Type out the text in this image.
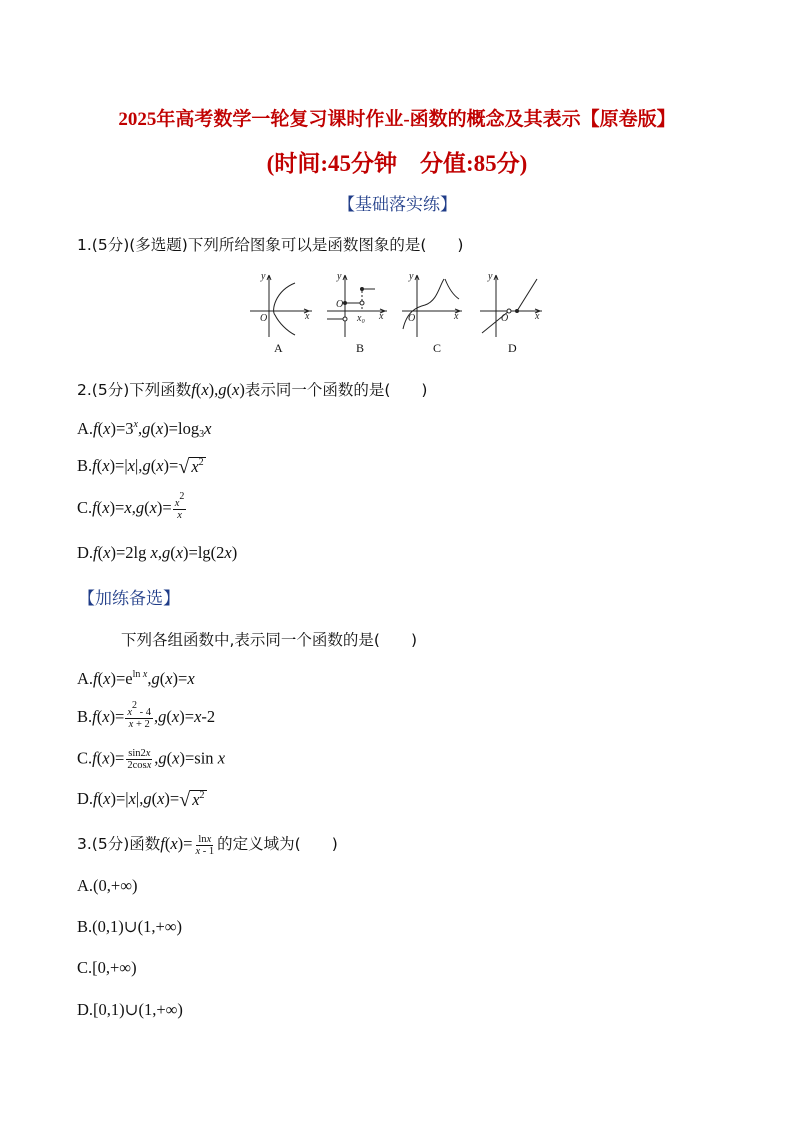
2025年高考数学一轮复习课时作业-函数的概念及其表示【原卷版】
(时间:45分钟　分值:85分)
【基础落实练】
1.(5分)(多选题)下列所给图象可以是函数图象的是(　　)
y
x
O
y
x
O
x₀
y
x
O
y
x
O
A	B	C	D
2.(5分)下列函数f(x),g(x)表示同一个函数的是(　　)
$A.f(x)=3^x,g(x)=\log_3x$
B.f(x)=|x|,g(x)= √ $x^2$
$C.f(x)=x,g(x)= \frac{x^2}{x}$
D.f(x)=2lg x,g(x)=lg(2x)
【加练备选】
下列各组函数中,表示同一个函数的是(　　)
$A.f(x)=e^{ln x},g(x)=x$
$B.f(x)= \frac{x^2 - 4}{x + 2} ,g(x)=x-2$
$C.f(x)= \frac{\sin 2x}{2\cos x} ,g(x)=\sin$ x
D.f(x)=|x|,g(x)= √ $x^2$
3.(5分)函数$f(x)= \frac{\ln x}{x - 1}$ 的定义域为(　　)
A.(0,+∞)
B.(0,1)∪(1,+∞)
C.[0,+∞)
D.[0,1)∪(1,+∞)
